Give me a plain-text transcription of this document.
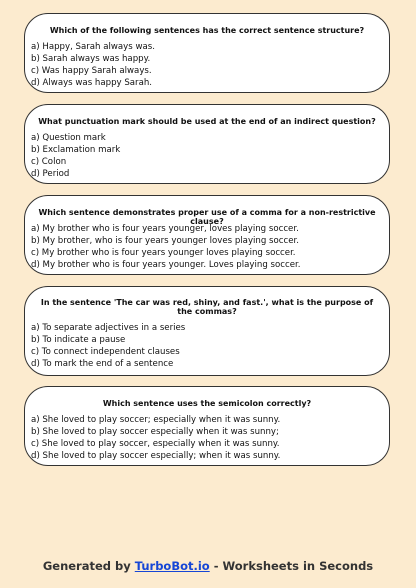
Which of the following sentences has the correct sentence structure?
a) Happy, Sarah always was.
b) Sarah always was happy.
c) Was happy Sarah always.
d) Always was happy Sarah.
What punctuation mark should be used at the end of an indirect question?
a) Question mark
b) Exclamation mark
c) Colon
d) Period
Which sentence demonstrates proper use of a comma for a non-restrictive clause?
a) My brother who is four years younger, loves playing soccer.
b) My brother, who is four years younger loves playing soccer.
c) My brother who is four years younger loves playing soccer.
d) My brother who is four years younger. Loves playing soccer.
In the sentence 'The car was red, shiny, and fast.', what is the purpose of the commas?
a) To separate adjectives in a series
b) To indicate a pause
c) To connect independent clauses
d) To mark the end of a sentence
Which sentence uses the semicolon correctly?
a) She loved to play soccer; especially when it was sunny.
b) She loved to play soccer especially when it was sunny;
c) She loved to play soccer, especially when it was sunny.
d) She loved to play soccer especially; when it was sunny.
Generated by TurboBot.io - Worksheets in Seconds
